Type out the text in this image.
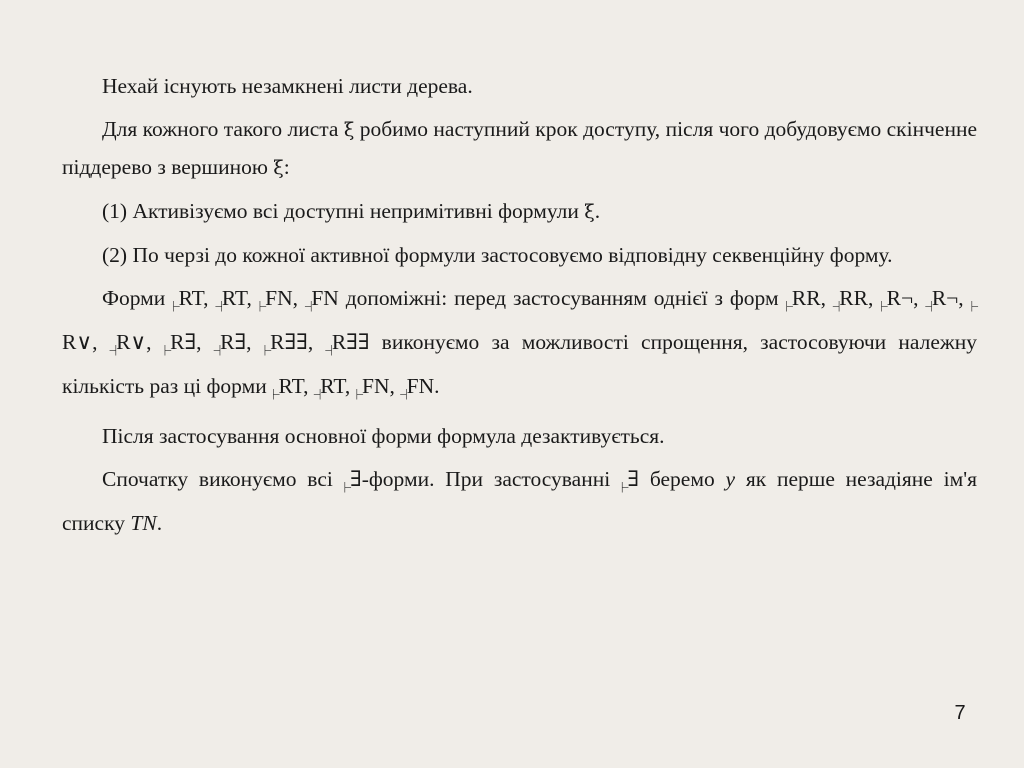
Нехай існують незамкнені листи дерева.

Для кожного такого листа ξ робимо наступний крок доступу, після чого добудовуємо скінченне піддерево з вершиною ξ:

(1) Активізуємо всі доступні непримітивні формули ξ.

(2) По черзі до кожної активної формули застосовуємо відповідну секвенційну форму.

Форми $_{|-}$RT, $_{-|}$RT, $_{|-}$FN, $_{-|}$FN допоміжні: перед застосуванням однієї з форм $_{|-}$RR, $_{-|}$RR, $_{|-}$R¬, $_{-|}$R¬, $_{|-}$R∨, $_{-|}$R∨, $_{|-}$R∃, $_{-|}$R∃, $_{|-}$R∃∃, $_{-|}$R∃∃ виконуємо за можливості спрощення, застосовуючи належну кількість раз ці форми $_{|-}$RT, $_{-|}$RT, $_{|-}$FN, $_{-|}$FN.

Після застосування основної форми формула дезактивується.

Спочатку виконуємо всі $_{|-}$∃-форми. При застосуванні $_{|-}$∃ беремо y як перше незадіяне ім'я списку TN.

7
